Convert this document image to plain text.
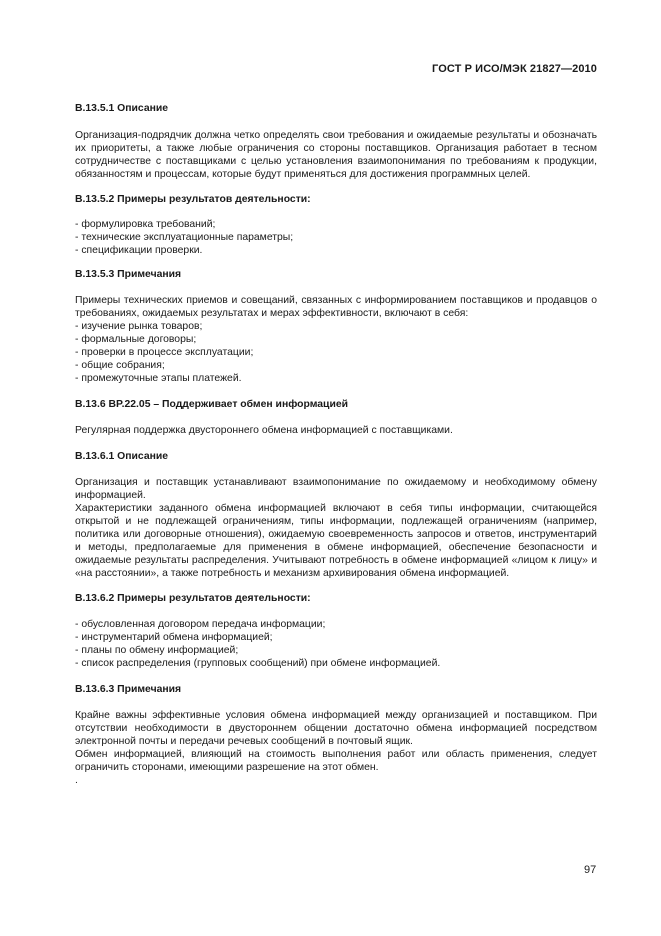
ГОСТ Р ИСО/МЭК 21827—2010

В.13.5.1 Описание

Организация-подрядчик должна четко определять свои требования и ожидаемые результаты и обозначать их приоритеты, а также любые ограничения со стороны поставщиков. Организация работает в тесном сотрудничестве с поставщиками с целью установления взаимопонимания по требованиям к продукции, обязанностям и процессам, которые будут применяться для достижения программных целей.

В.13.5.2 Примеры результатов деятельности:

- формулировка требований;

- технические эксплуатационные параметры;

- спецификации проверки.

В.13.5.3 Примечания

Примеры технических приемов и совещаний, связанных с информированием поставщиков и продавцов о требованиях, ожидаемых результатах и мерах эффективности, включают в себя:

- изучение рынка товаров;

- формальные договоры;

- проверки в процессе эксплуатации;

- общие собрания;

- промежуточные этапы платежей.

В.13.6 BP.22.05 – Поддерживает обмен информацией

Регулярная поддержка двустороннего обмена информацией с поставщиками.

В.13.6.1 Описание

Организация и поставщик устанавливают взаимопонимание по ожидаемому и необходимому обмену информацией.

Характеристики заданного обмена информацией включают в себя типы информации, считающейся открытой и не подлежащей ограничениям, типы информации, подлежащей ограничениям (например, политика или договорные отношения), ожидаемую своевременность запросов и ответов, инструментарий и методы, предполагаемые для применения в обмене информацией, обеспечение безопасности и ожидаемые результаты распределения. Учитывают потребность в обмене информацией «лицом к лицу» и «на расстоянии», а также потребность и механизм архивирования обмена информацией.

В.13.6.2 Примеры результатов деятельности:

- обусловленная договором передача информации;

- инструментарий обмена информацией;

- планы по обмену информацией;

- список распределения (групповых сообщений) при обмене информацией.

В.13.6.3 Примечания

Крайне важны эффективные условия обмена информацией между организацией и поставщиком. При отсутствии необходимости в двустороннем общении достаточно обмена информацией посредством электронной почты и передачи речевых сообщений в почтовый ящик.

Обмен информацией, влияющий на стоимость выполнения работ или область применения, следует ограничить сторонами, имеющими разрешение на этот обмен.

.

97
